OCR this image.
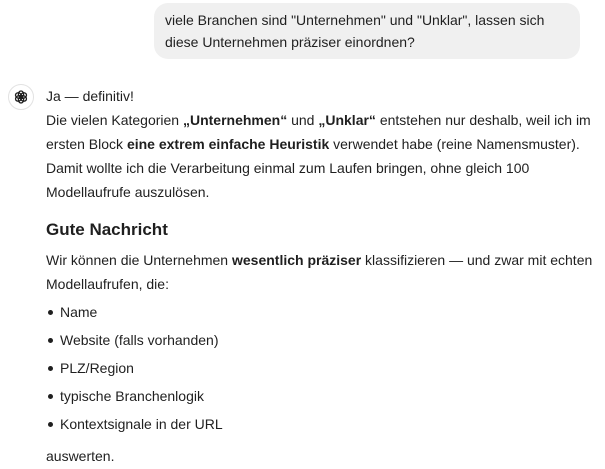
viele Branchen sind "Unternehmen" und "Unklar", lassen sich diese Unternehmen präziser einordnen?

Ja — definitiv!

Die vielen Kategorien „Unternehmen“ und „Unklar“ entstehen nur deshalb, weil ich im ersten Block eine extrem einfache Heuristik verwendet habe (reine Namensmuster). Damit wollte ich die Verarbeitung einmal zum Laufen bringen, ohne gleich 100 Modellaufrufe auszulösen.

Gute Nachricht

Wir können die Unternehmen wesentlich präziser klassifizieren — und zwar mit echten Modellaufrufen, die:

Name
Website (falls vorhanden)
PLZ/Region
typische Branchenlogik
Kontextsignale in der URL

auswerten.
